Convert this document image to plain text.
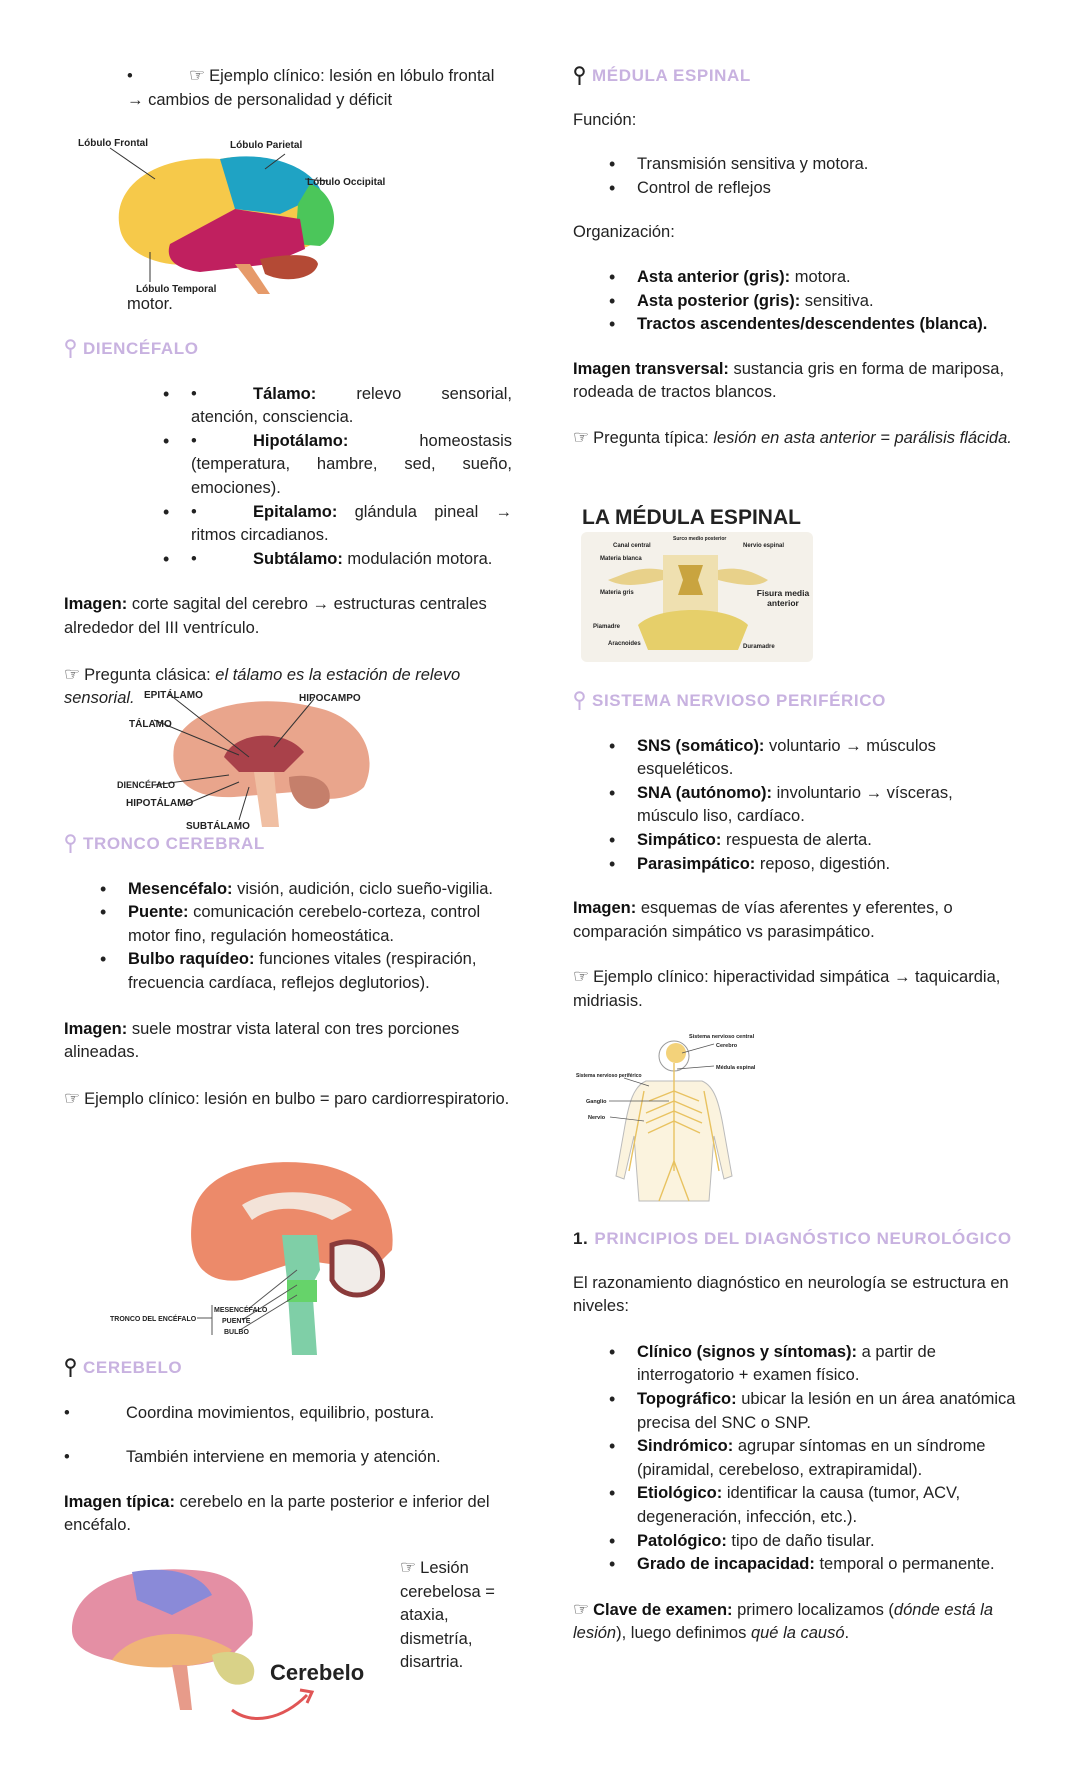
•	☞ Ejemplo clínico: lesión en lóbulo frontal → cambios de personalidad y déficit

Lóbulo Frontal	Lóbulo Parietal
Lóbulo Occipital
Lóbulo Temporal

motor.

DIENCÉFALO
• •	Tálamo: relevo sensorial, atención, consciencia.
• •	Hipotálamo: homeostasis (temperatura, hambre, sed, sueño, emociones).
• •	Epitalamo: glándula pineal → ritmos circadianos.
• •	Subtálamo: modulación motora.

Imagen: corte sagital del cerebro → estructuras centrales alrededor del III ventrículo.

☞ Pregunta clásica: el tálamo es la estación de relevo sensorial. EPITÁLAMO	HIPOCAMPO
TÁLAMO
DIENCÉFALO
HIPOTÁLAMO
SUBTÁLAMO
TRONCO CEREBRAL
• Mesencéfalo: visión, audición, ciclo sueño-vigilia.
• Puente: comunicación cerebelo-corteza, control motor fino, regulación homeostática.
• Bulbo raquídeo: funciones vitales (respiración, frecuencia cardíaca, reflejos deglutorios).

Imagen: suele mostrar vista lateral con tres porciones alineadas.

☞ Ejemplo clínico: lesión en bulbo = paro cardiorrespiratorio.

TRONCO DEL ENCÉFALO
MESENCÉFALO
PUENTE
BULBO
CEREBELO

•	Coordina movimientos, equilibrio, postura.

•	También interviene en memoria y atención.

Imagen típica: cerebelo en la parte posterior e inferior del encéfalo.

Cerebelo

☞ Lesión cerebelosa = ataxia, dismetría, disartria.

MÉDULA ESPINAL

Función:

• Transmisión sensitiva y motora.
• Control de reflejos

Organización:

• Asta anterior (gris): motora.
• Asta posterior (gris): sensitiva.
• Tractos ascendentes/descendentes (blanca).

Imagen transversal: sustancia gris en forma de mariposa, rodeada de tractos blancos.

☞ Pregunta típica: lesión en asta anterior = parálisis flácida.

LA MÉDULA ESPINAL
Canal central
Surco medio posterior
Nervio espinal
Materia blanca
Materia gris
Piamadre
Aracnoides	Duramadre
Fisura media anterior
SISTEMA NERVIOSO PERIFÉRICO
• SNS (somático): voluntario → músculos esqueléticos.
• SNA (autónomo): involuntario → vísceras, músculo liso, cardíaco.
• Simpático: respuesta de alerta.
• Parasimpático: reposo, digestión.

Imagen: esquemas de vías aferentes y eferentes, o comparación simpático vs parasimpático.

☞ Ejemplo clínico: hiperactividad simpática → taquicardia, midriasis.

Sistema nervioso central
Cerebro
Médula espinal
Sistema nervioso periférico
Ganglio
Nervio
1. PRINCIPIOS DEL DIAGNÓSTICO NEUROLÓGICO

El razonamiento diagnóstico en neurología se estructura en niveles:

• Clínico (signos y síntomas): a partir de interrogatorio + examen físico.
• Topográfico: ubicar la lesión en un área anatómica precisa del SNC o SNP.
• Sindrómico: agrupar síntomas en un síndrome (piramidal, cerebeloso, extrapiramidal).
• Etiológico: identificar la causa (tumor, ACV, degeneración, infección, etc.).
• Patológico: tipo de daño tisular.
• Grado de incapacidad: temporal o permanente.

☞ Clave de examen: primero localizamos (dónde está la lesión), luego definimos qué la causó.
